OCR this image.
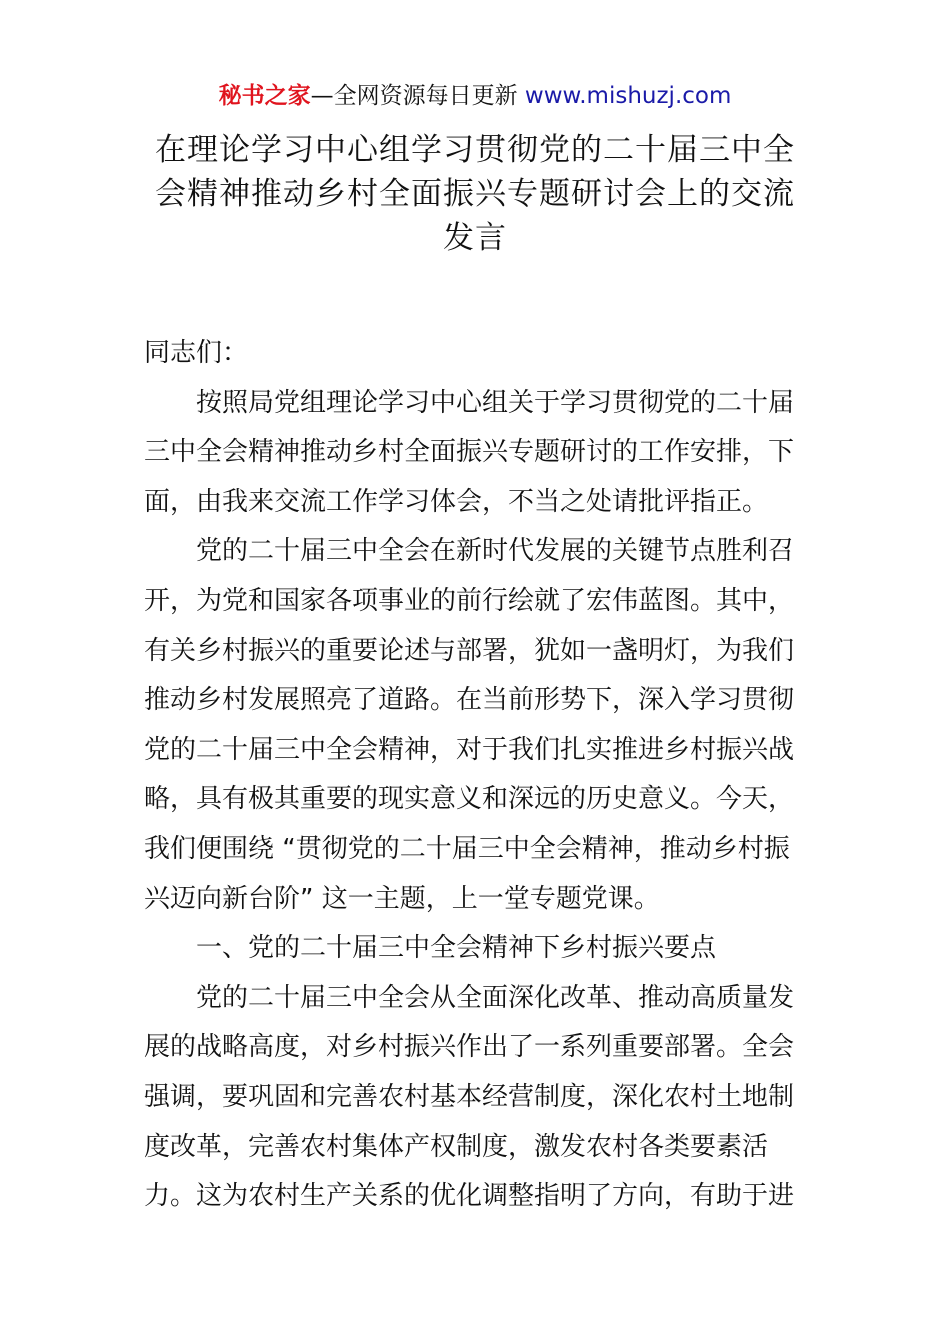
秘书之家—全网资源每日更新 www.mishuzj.com
在理论学习中心组学习贯彻党的二十届三中全
会精神推动乡村全面振兴专题研讨会上的交流
发言

同志们：

按照局党组理论学习中心组关于学习贯彻党的二十届

三中全会精神推动乡村全面振兴专题研讨的工作安排，下

面，由我来交流工作学习体会，不当之处请批评指正。

党的二十届三中全会在新时代发展的关键节点胜利召

开，为党和国家各项事业的前行绘就了宏伟蓝图。其中，

有关乡村振兴的重要论述与部署，犹如一盏明灯，为我们

推动乡村发展照亮了道路。在当前形势下，深入学习贯彻

党的二十届三中全会精神，对于我们扎实推进乡村振兴战

略，具有极其重要的现实意义和深远的历史意义。今天，

我们便围绕 “贯彻党的二十届三中全会精神，推动乡村振

兴迈向新台阶” 这一主题，上一堂专题党课。

一、党的二十届三中全会精神下乡村振兴要点

党的二十届三中全会从全面深化改革、推动高质量发

展的战略高度，对乡村振兴作出了一系列重要部署。全会

强调，要巩固和完善农村基本经营制度，深化农村土地制

度改革，完善农村集体产权制度，激发农村各类要素活

力。这为农村生产关系的优化调整指明了方向，有助于进
